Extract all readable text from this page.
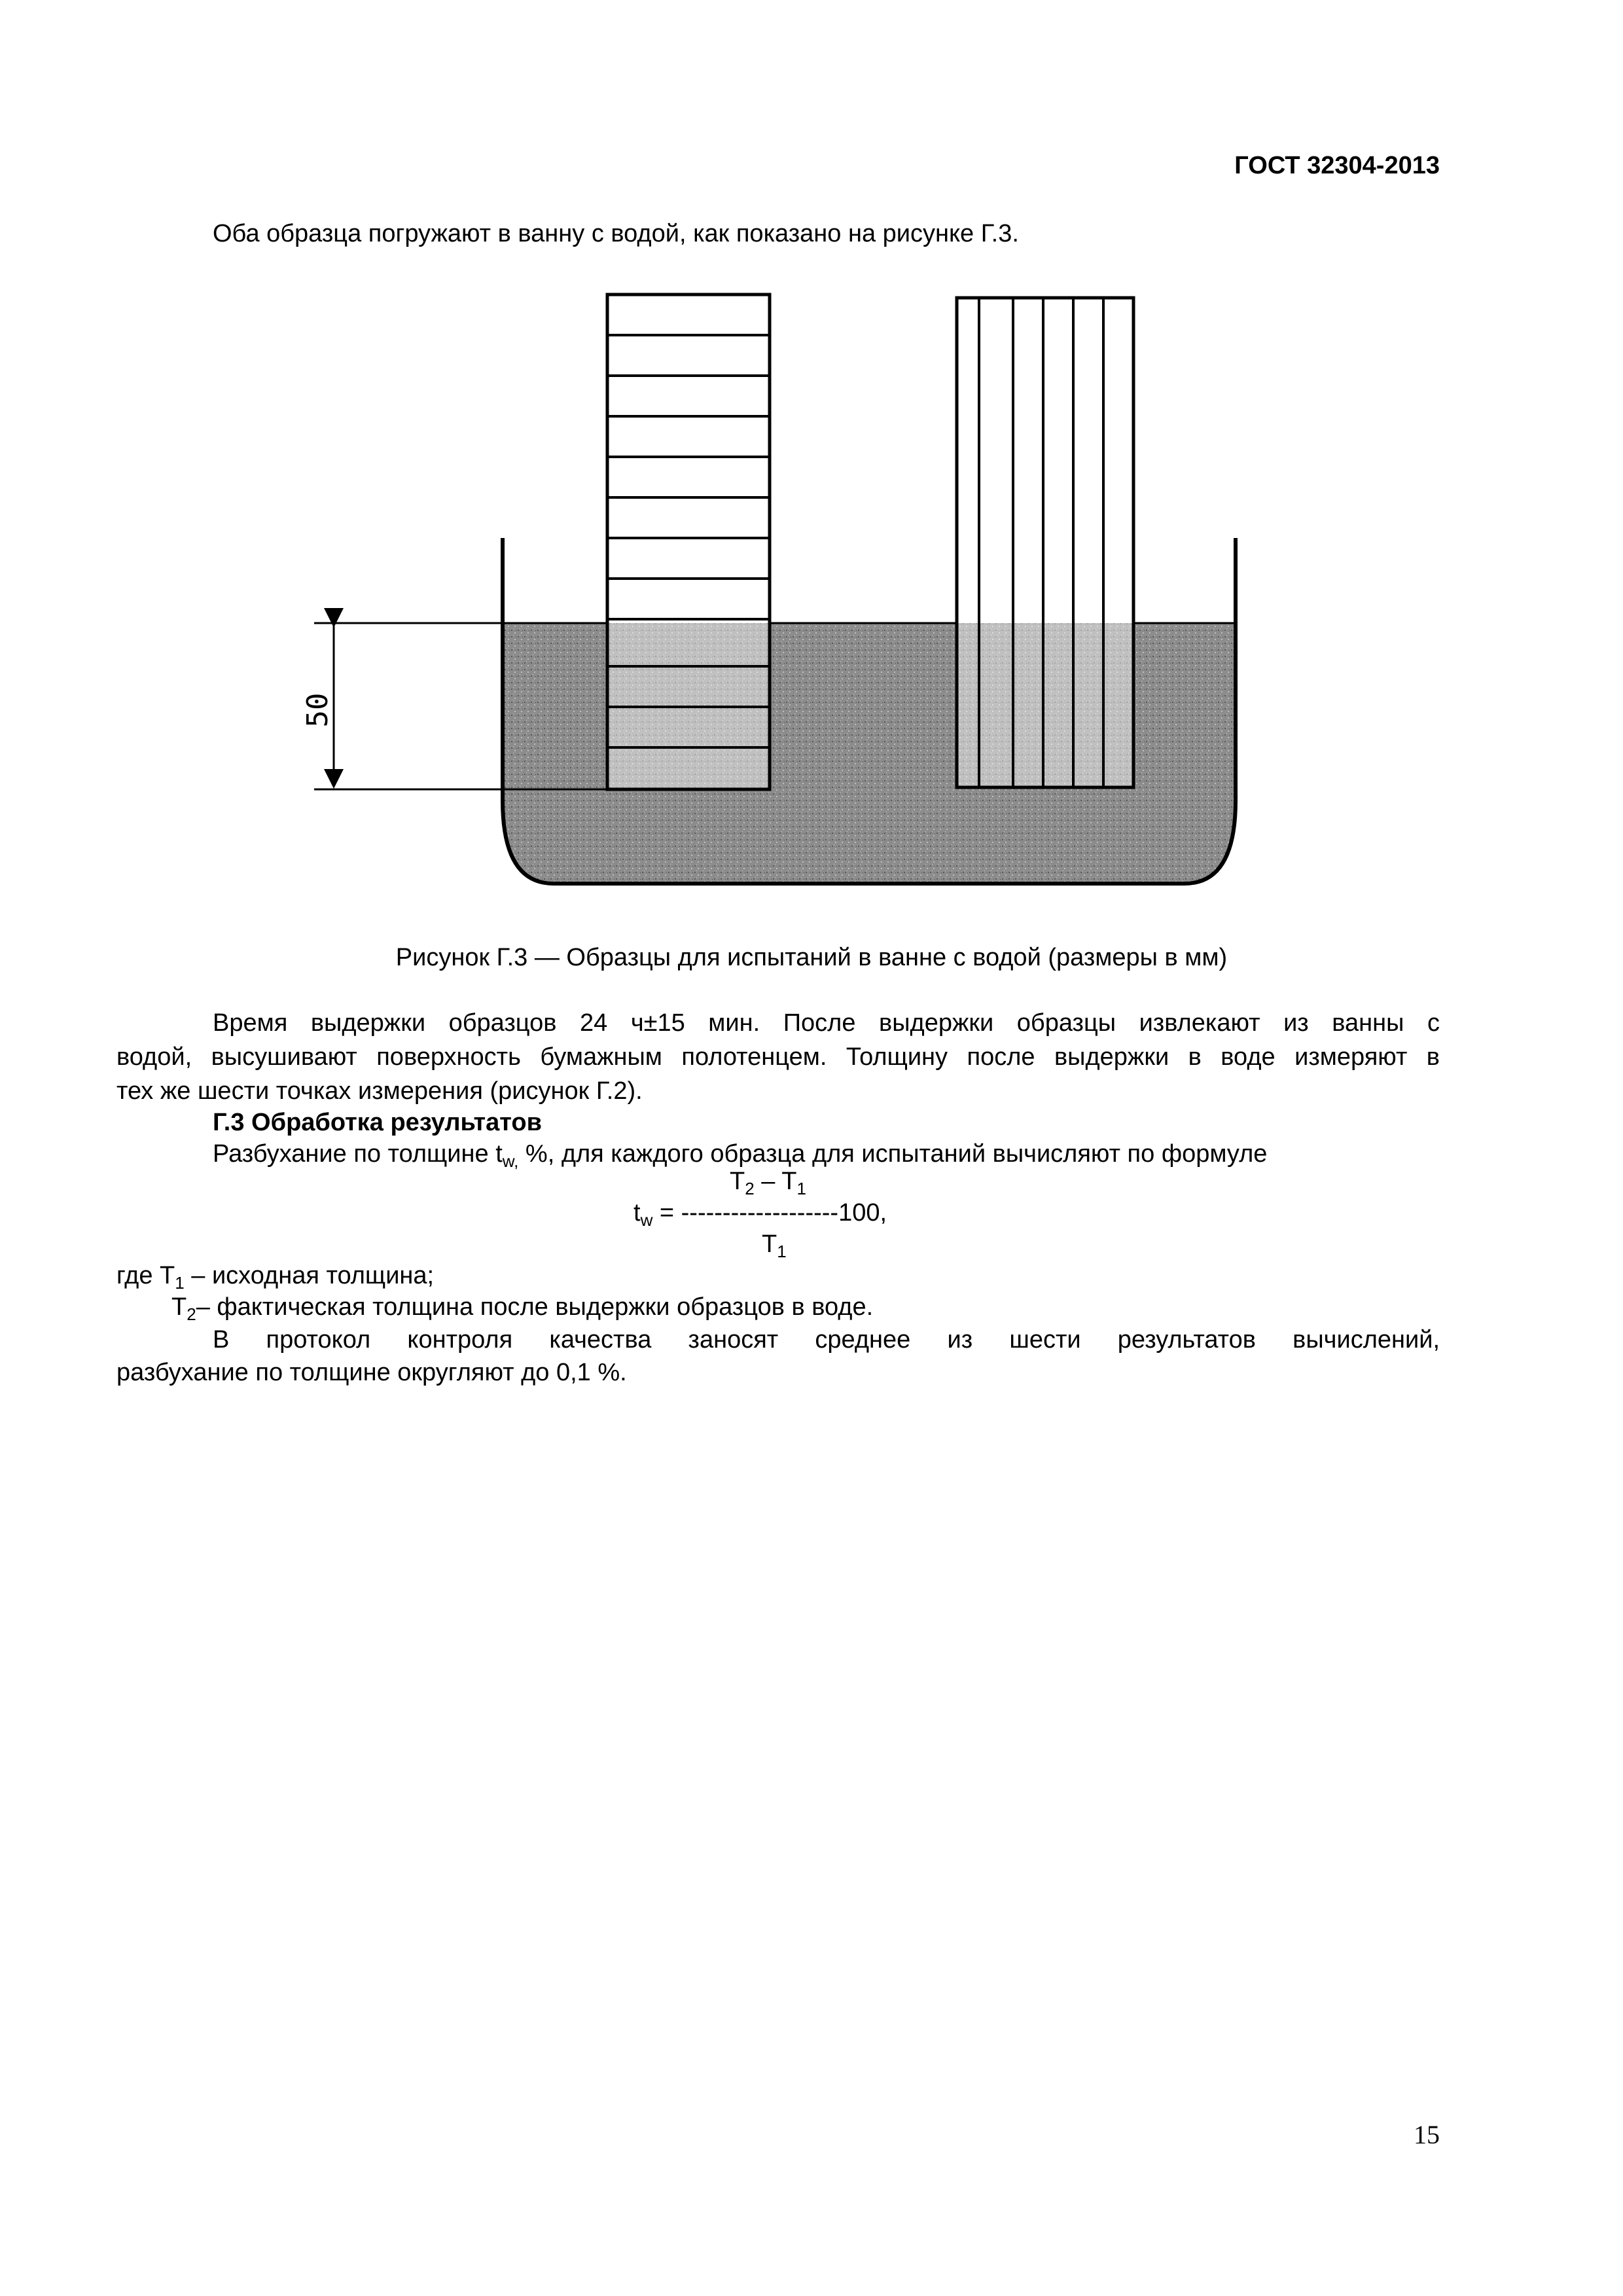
ГОСТ 32304-2013
Оба образца погружают в ванну с водой, как показано на рисунке Г.3.
50
Рисунок Г.3 — Образцы для испытаний в ванне с водой (размеры в мм)
Время выдержки образцов 24 ч±15 мин. После выдержки образцы извлекают из ванны с
водой, высушивают поверхность бумажным полотенцем. Толщину после выдержки в воде измеряют в
тех же шести точках измерения (рисунок Г.2).
Г.3 Обработка результатов
Разбухание по толщине $t_{w,}$ %, для каждого образца для испытаний вычисляют по формуле
$T_2 - T_1$
$t_w = -------------------100$,
$T_1$
где $T_1$ – исходная толщина;
$T_2-$ фактическая толщина после выдержки образцов в воде.
В протокол контроля качества заносят среднее из шести результатов вычислений,
разбухание по толщине округляют до 0,1 %.
15
